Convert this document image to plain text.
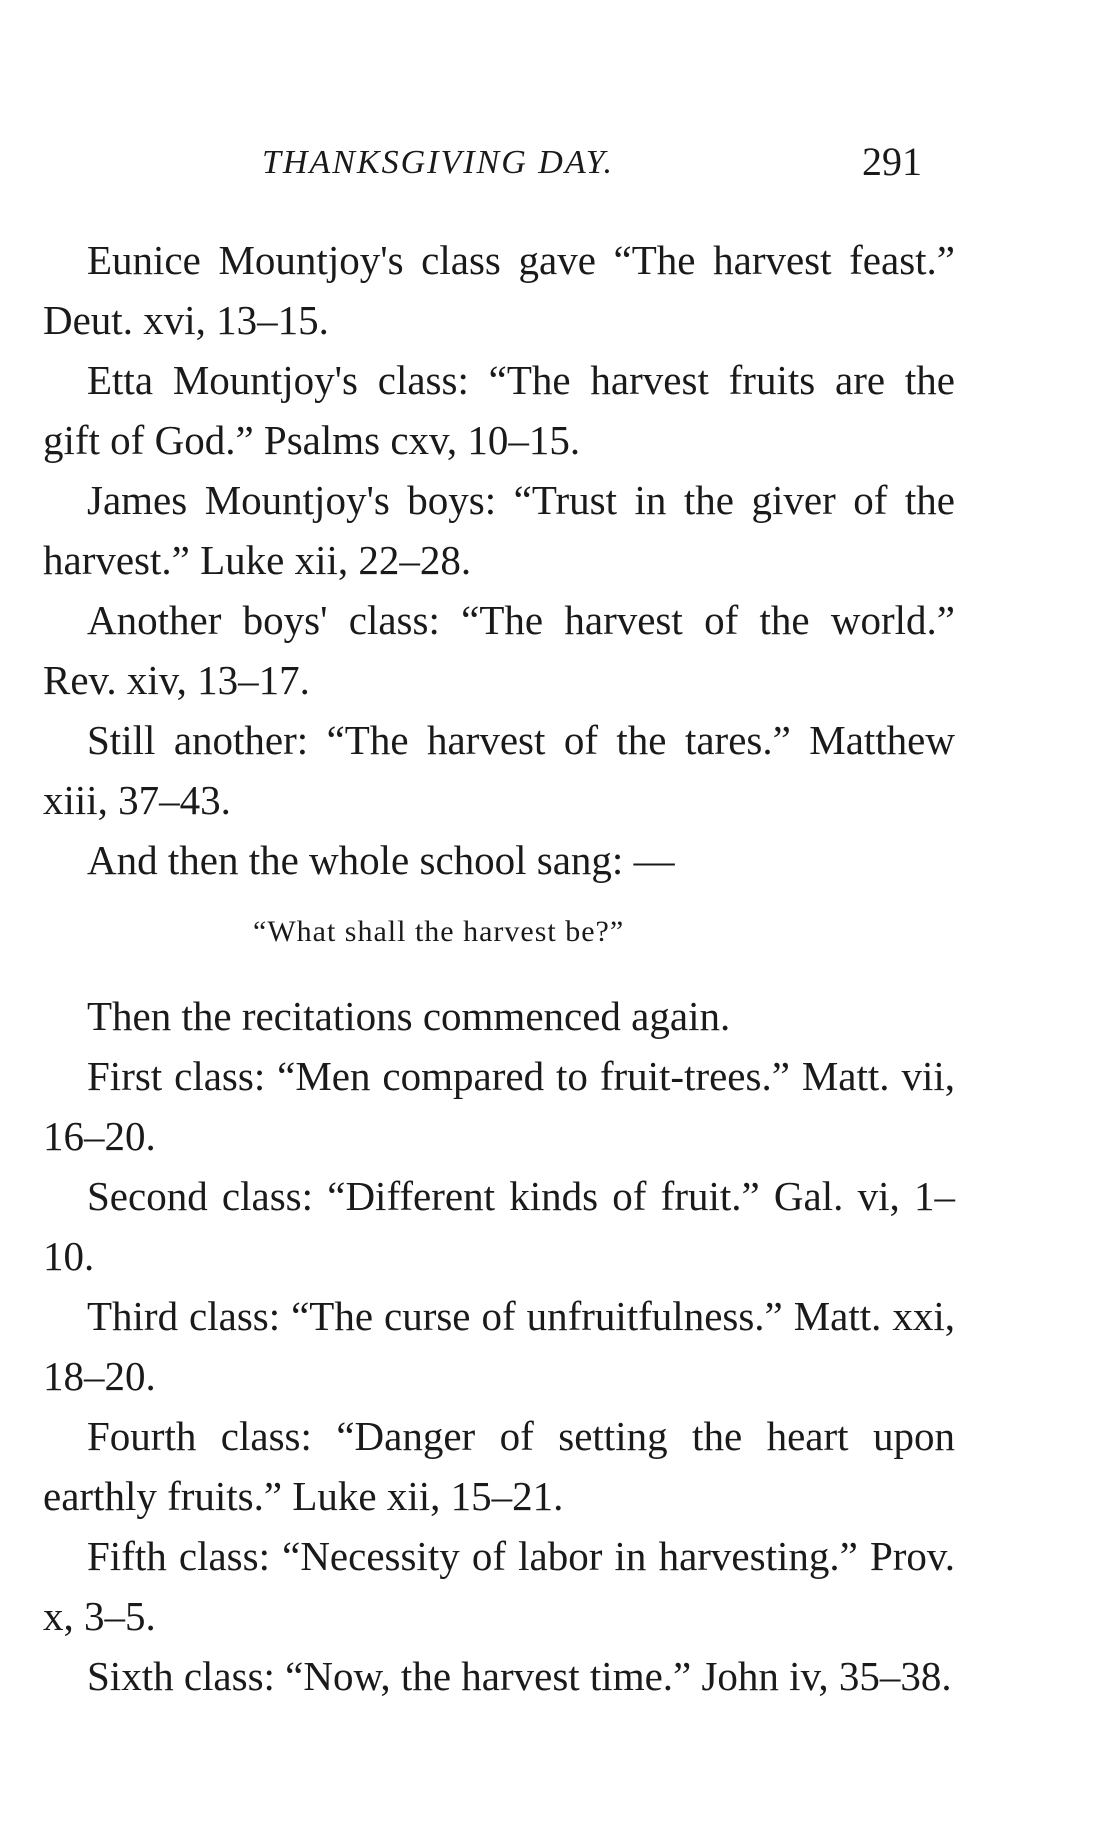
THANKSGIVING DAY.	291

Eunice Mountjoy's class gave “The harvest feast.” Deut. xvi, 13–15.

Etta Mountjoy's class: “The harvest fruits are the gift of God.” Psalms cxv, 10–15.

James Mountjoy's boys: “Trust in the giver of the harvest.” Luke xii, 22–28.

Another boys' class: “The harvest of the world.” Rev. xiv, 13–17.

Still another: “The harvest of the tares.” Matthew xiii, 37–43.

And then the whole school sang: —

“What shall the harvest be?”

Then the recitations commenced again.

First class: “Men compared to fruit-trees.” Matt. vii, 16–20.

Second class: “Different kinds of fruit.” Gal. vi, 1–10.

Third class: “The curse of unfruitfulness.” Matt. xxi, 18–20.

Fourth class: “Danger of setting the heart upon earthly fruits.” Luke xii, 15–21.

Fifth class: “Necessity of labor in harvesting.” Prov. x, 3–5.

Sixth class: “Now, the harvest time.” John iv, 35–38.
